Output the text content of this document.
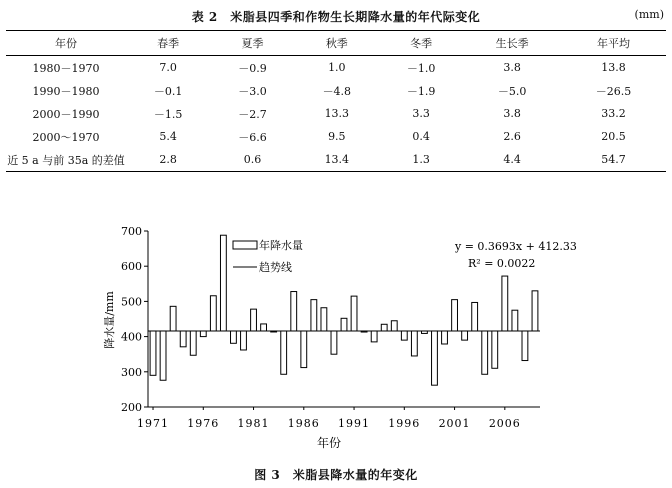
表 2　米脂县四季和作物生长期降水量的年代际变化	(mm)
年份	春季	夏季	秋季	冬季	生长季	年平均
1980－1970	7.0	－0.9	1.0	－1.0	3.8	13.8
1990－1980	－0.1	－3.0	－4.8	－1.9	－5.0	－26.5
2000－1990	－1.5	－2.7	13.3	3.3	3.8	33.2
2000～1970	5.4	－6.6	9.5	0.4	2.6	20.5
近 5 a 与前 35a 的差值	2.8	0.6	13.4	1.3	4.4	54.7
200
300
400
500
600
700
1971 1976 1981 1986 1991 1996 2001 2006
y = 0.3693x + 412.33
R² = 0.0022
年降水量
趋势线
年份
降水量/mm
图 3　米脂县降水量的年变化
